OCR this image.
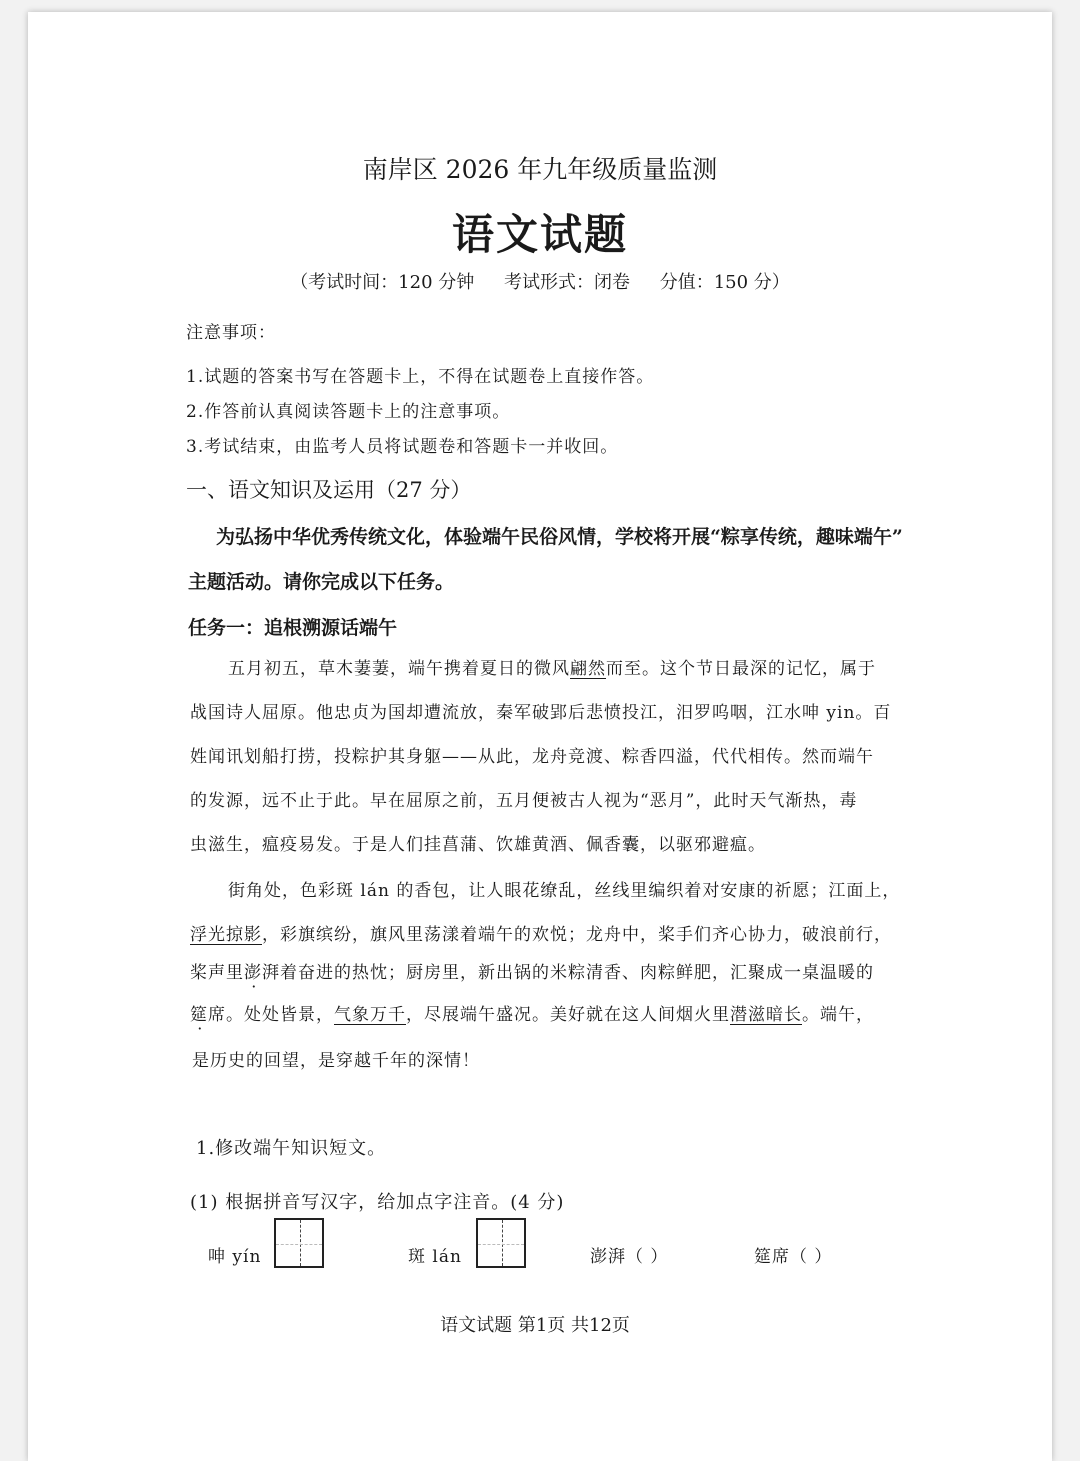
南岸区 2026 年九年级质量监测
语文试题
（考试时间：120 分钟 考试形式：闭卷 分值：150 分）
注意事项：
1.试题的答案书写在答题卡上，不得在试题卷上直接作答。
2.作答前认真阅读答题卡上的注意事项。
3.考试结束，由监考人员将试题卷和答题卡一并收回。
一、语文知识及运用（27 分）
为弘扬中华优秀传统文化，体验端午民俗风情，学校将开展“粽享传统，趣味端午”
主题活动。请你完成以下任务。
任务一：追根溯源话端午
五月初五，草木萋萋，端午携着夏日的微风翩然而至。这个节日最深的记忆，属于
战国诗人屈原。他忠贞为国却遭流放，秦军破郢后悲愤投江，汨罗呜咽，江水呻 yin。百
姓闻讯划船打捞，投粽护其身躯——从此，龙舟竞渡、粽香四溢，代代相传。然而端午
的发源，远不止于此。早在屈原之前，五月便被古人视为“恶月”，此时天气渐热，毒
虫滋生，瘟疫易发。于是人们挂菖蒲、饮雄黄酒、佩香囊，以驱邪避瘟。
街角处，色彩斑 lán 的香包，让人眼花缭乱，丝线里编织着对安康的祈愿；江面上，
浮光掠影，彩旗缤纷，旗风里荡漾着端午的欢悦；龙舟中，桨手们齐心协力，破浪前行，
桨声里澎湃着奋进的热忱；厨房里，新出锅的米粽清香、肉粽鲜肥，汇聚成一桌温暖的
筵席。处处皆景，气象万千，尽展端午盛况。美好就在这人间烟火里潜滋暗长。端午，
是历史的回望，是穿越千年的深情！
1.修改端午知识短文。
(1) 根据拼音写汉字，给加点字注音。(4 分)
呻 yín	斑 lán	澎湃（ ）	筵席（ ）
语文试题 第1页 共12页
